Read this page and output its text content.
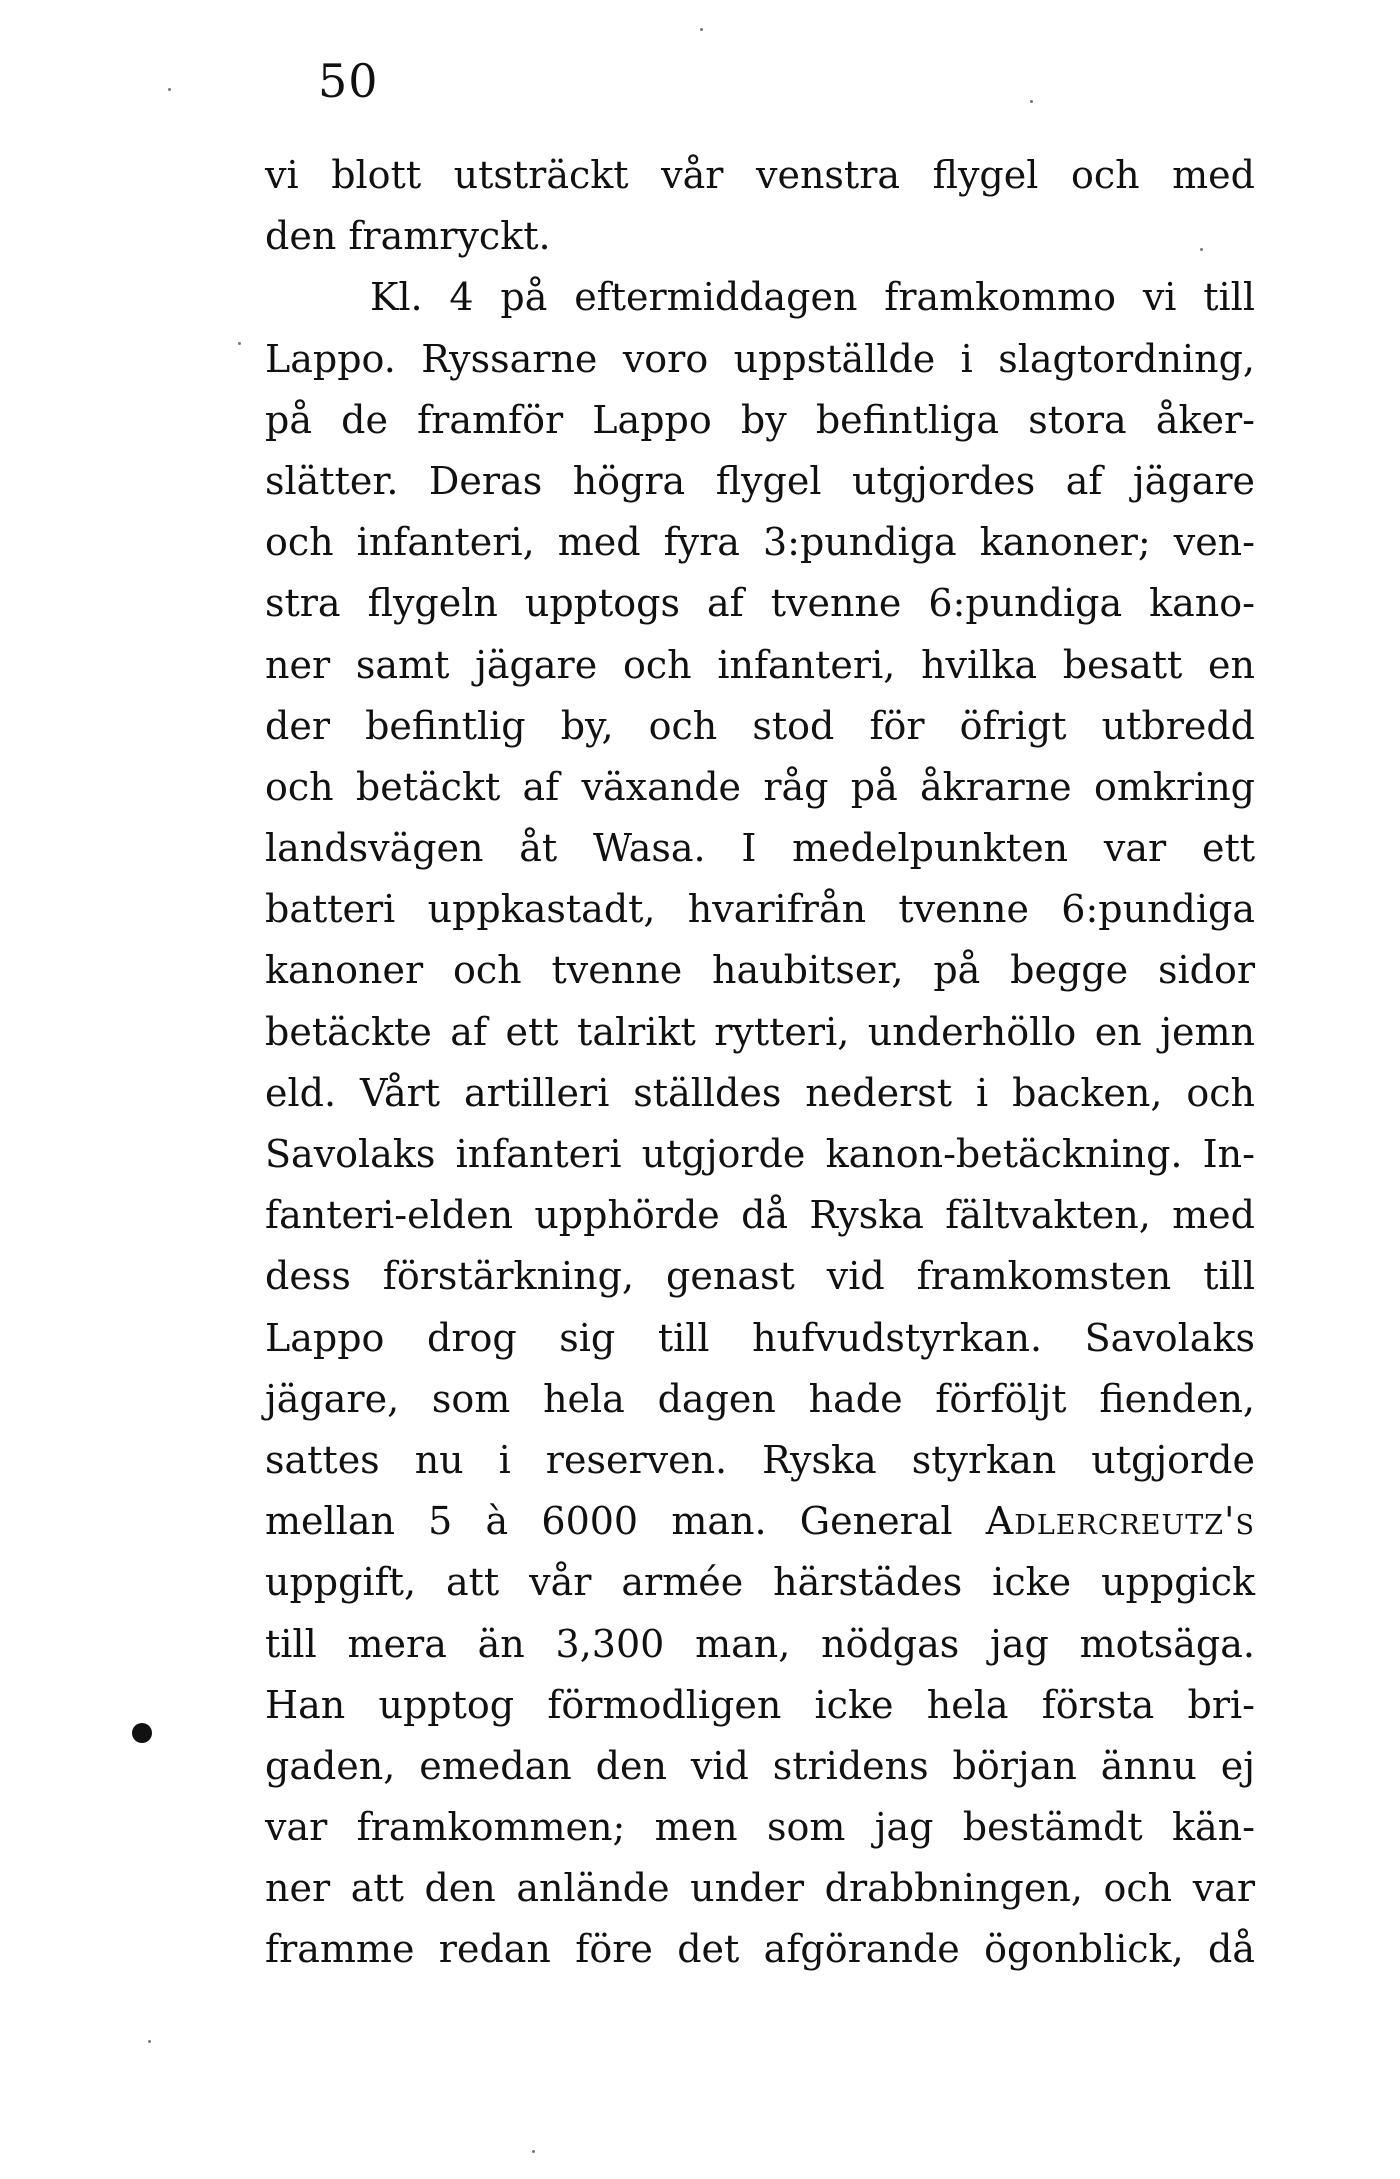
50
vi blott utsträckt vår venstra flygel och med
den framryckt.
Kl. 4 på eftermiddagen framkommo vi till
Lappo. Ryssarne voro uppställde i slagtordning,
på de framför Lappo by befintliga stora åker-
slätter. Deras högra flygel utgjordes af jägare
och infanteri, med fyra 3:pundiga kanoner; ven-
stra flygeln upptogs af tvenne 6:pundiga kano-
ner samt jägare och infanteri, hvilka besatt en
der befintlig by, och stod för öfrigt utbredd
och betäckt af växande råg på åkrarne omkring
landsvägen åt Wasa. I medelpunkten var ett
batteri uppkastadt, hvarifrån tvenne 6:pundiga
kanoner och tvenne haubitser, på begge sidor
betäckte af ett talrikt rytteri, underhöllo en jemn
eld. Vårt artilleri ställdes nederst i backen, och
Savolaks infanteri utgjorde kanon-betäckning. In-
fanteri-elden upphörde då Ryska fältvakten, med
dess förstärkning, genast vid framkomsten till
Lappo drog sig till hufvudstyrkan. Savolaks
jägare, som hela dagen hade förföljt fienden,
sattes nu i reserven. Ryska styrkan utgjorde
mellan 5 à 6000 man. General Adlercreutz's
uppgift, att vår armée härstädes icke uppgick
till mera än 3,300 man, nödgas jag motsäga.
Han upptog förmodligen icke hela första bri-
gaden, emedan den vid stridens början ännu ej
var framkommen; men som jag bestämdt kän-
ner att den anlände under drabbningen, och var
framme redan före det afgörande ögonblick, då
